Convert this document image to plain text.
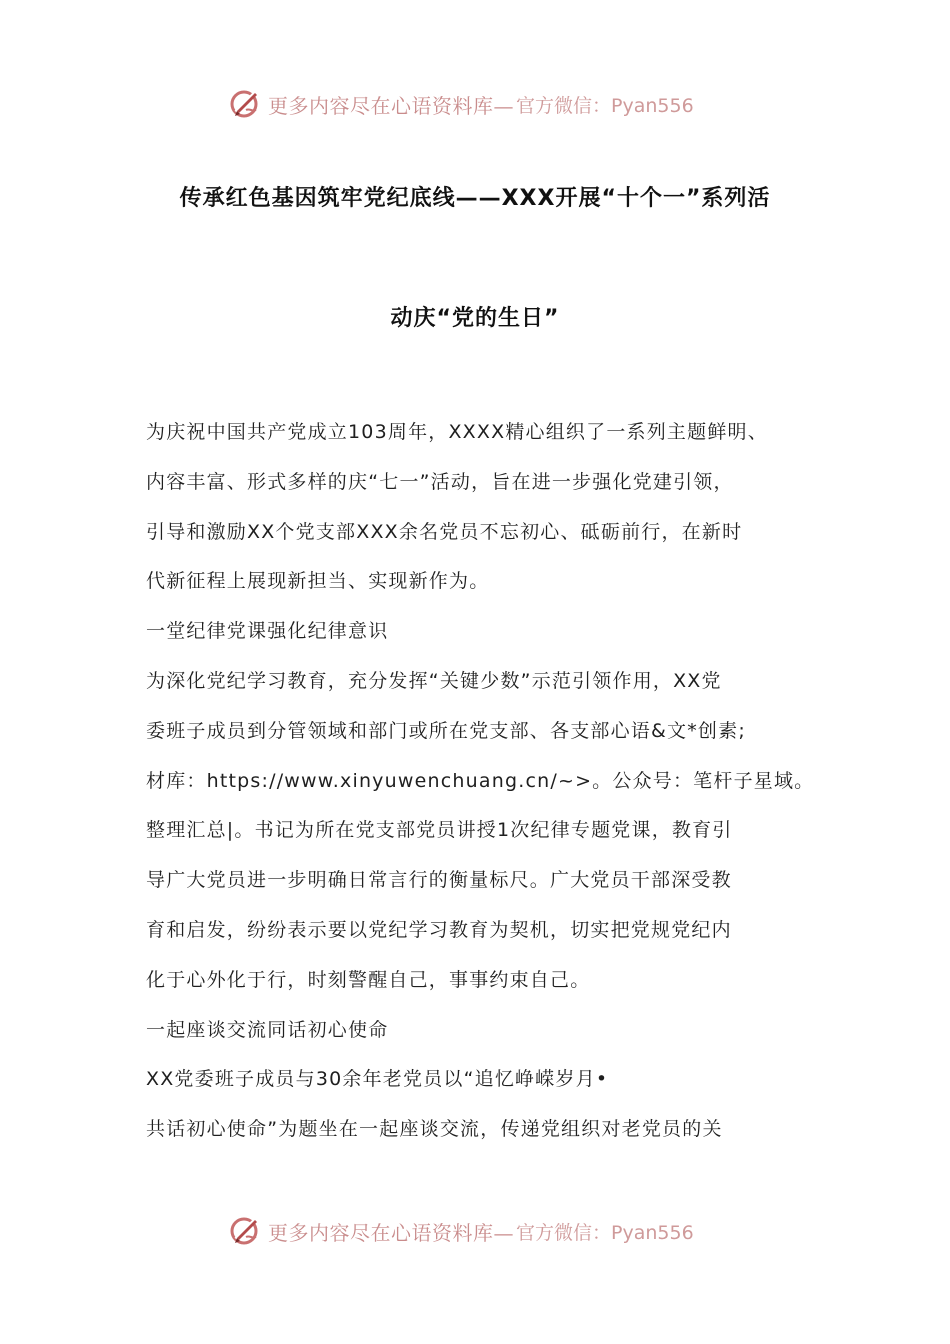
更多内容尽在心语资料库— 官方微信：Pyan556
传承红色基因筑牢党纪底线——XXX开展“十个一”系列活
动庆“党的生日”
为庆祝中国共产党成立103周年，XXXX精心组织了一系列主题鲜明、
内容丰富、形式多样的庆“七一”活动，旨在进一步强化党建引领，
引导和激励XX个党支部XXX余名党员不忘初心、砥砺前行，在新时
代新征程上展现新担当、实现新作为。
一堂纪律党课强化纪律意识
为深化党纪学习教育，充分发挥“关键少数”示范引领作用，XX党
委班子成员到分管领域和部门或所在党支部、各支部心语&文*创素;
材库：https://www.xinyuwenchuang.cn/~>。公众号：笔杆子星域。
整理汇总|。书记为所在党支部党员讲授1次纪律专题党课，教育引
导广大党员进一步明确日常言行的衡量标尺。广大党员干部深受教
育和启发，纷纷表示要以党纪学习教育为契机，切实把党规党纪内
化于心外化于行，时刻警醒自己，事事约束自己。
一起座谈交流同话初心使命
XX党委班子成员与30余年老党员以“追忆峥嵘岁月•
共话初心使命”为题坐在一起座谈交流，传递党组织对老党员的关
更多内容尽在心语资料库— 官方微信：Pyan556
